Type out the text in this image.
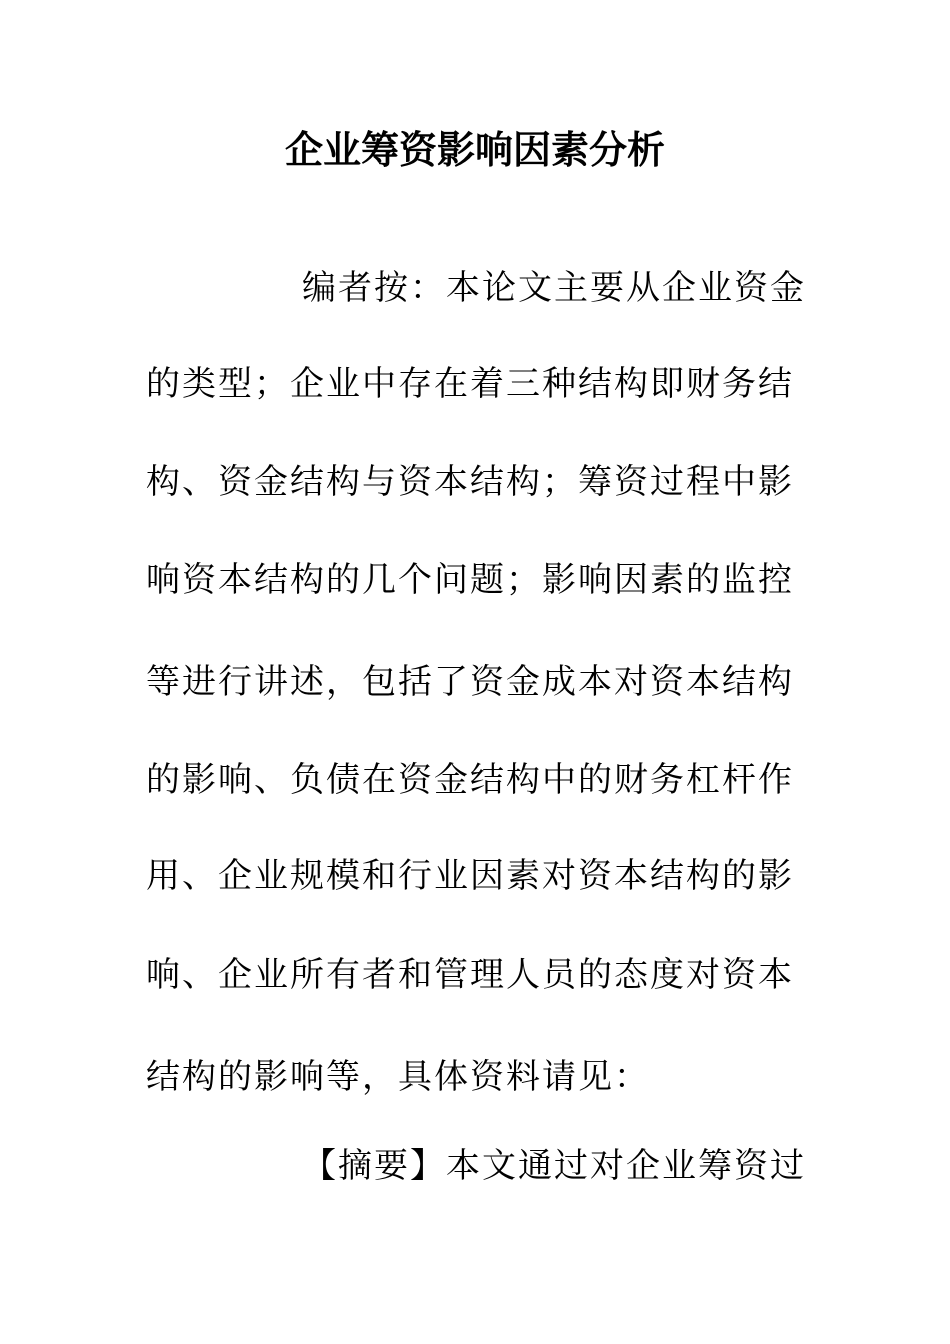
企业筹资影响因素分析
编者按：本论文主要从企业资金
的类型；企业中存在着三种结构即财务结
构、资金结构与资本结构；筹资过程中影
响资本结构的几个问题；影响因素的监控
等进行讲述，包括了资金成本对资本结构
的影响、负债在资金结构中的财务杠杆作
用、企业规模和行业因素对资本结构的影
响、企业所有者和管理人员的态度对资本
结构的影响等，具体资料请见：
【摘要】本文通过对企业筹资过
